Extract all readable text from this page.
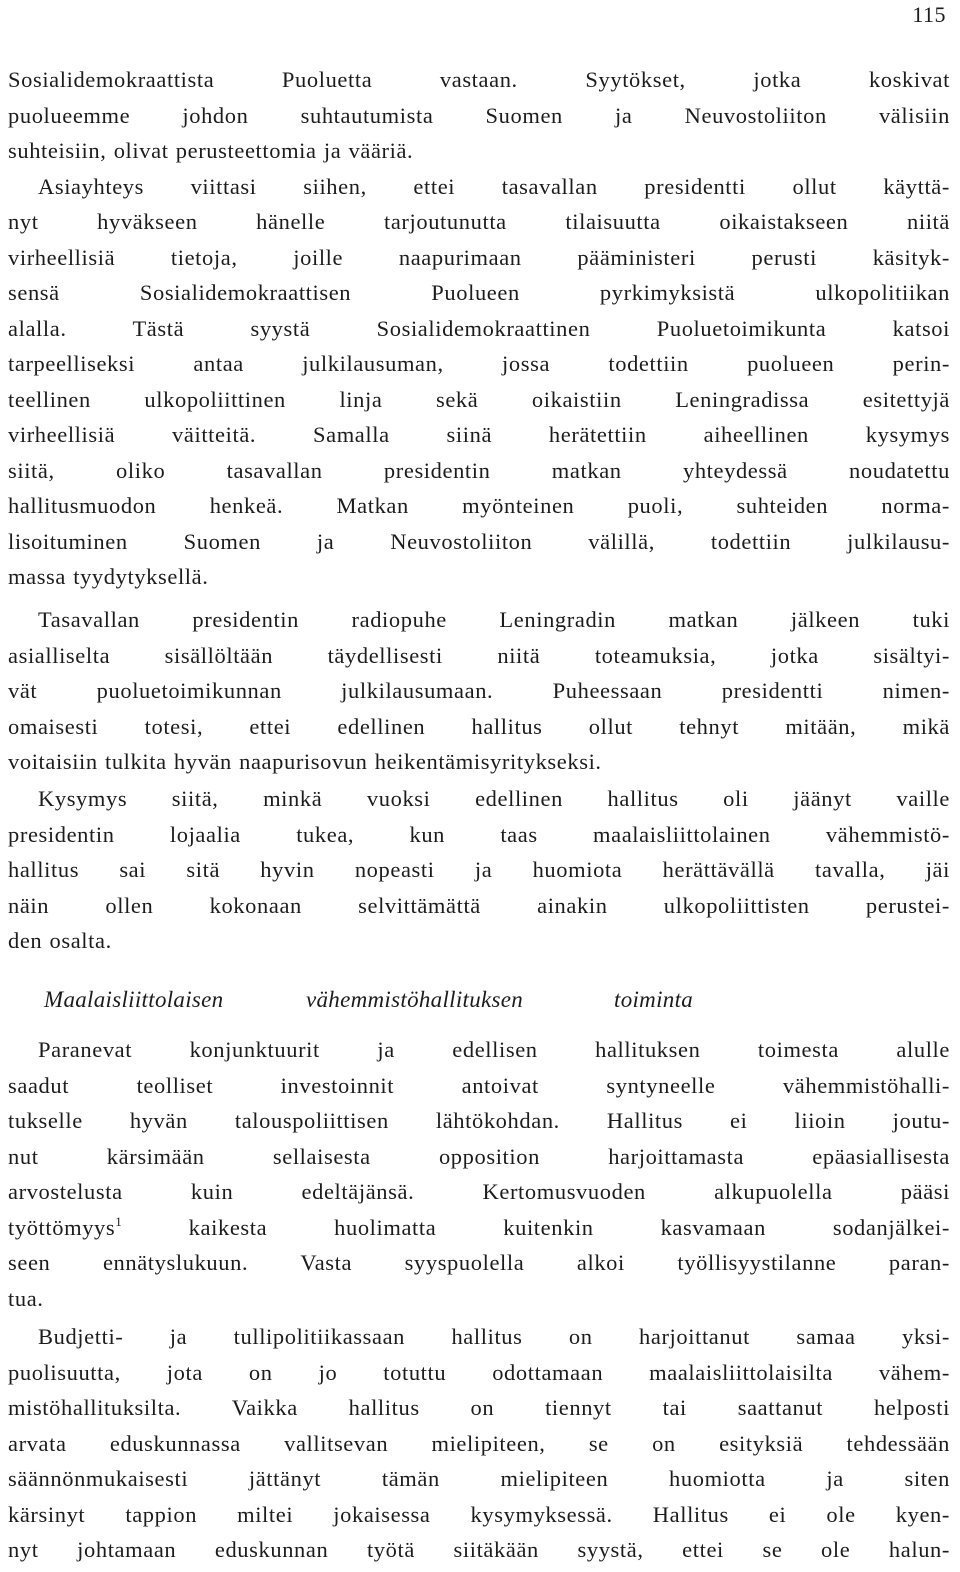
115
Sosialidemokraattista Puoluetta vastaan. Syytökset, jotka koskivat
puolueemme johdon suhtautumista Suomen ja Neuvostoliiton välisiin
suhteisiin, olivat perusteettomia ja vääriä.
Asiayhteys viittasi siihen, ettei tasavallan presidentti ollut käyttä-
nyt hyväkseen hänelle tarjoutunutta tilaisuutta oikaistakseen niitä
virheellisiä tietoja, joille naapurimaan pääministeri perusti käsityk-
sensä Sosialidemokraattisen Puolueen pyrkimyksistä ulkopolitiikan
alalla. Tästä syystä Sosialidemokraattinen Puoluetoimikunta katsoi
tarpeelliseksi antaa julkilausuman, jossa todettiin puolueen perin-
teellinen ulkopoliittinen linja sekä oikaistiin Leningradissa esitettyjä
virheellisiä väitteitä. Samalla siinä herätettiin aiheellinen kysymys
siitä, oliko tasavallan presidentin matkan yhteydessä noudatettu
hallitusmuodon henkeä. Matkan myönteinen puoli, suhteiden norma-
lisoituminen Suomen ja Neuvostoliiton välillä, todettiin julkilausu-
massa tyydytyksellä.
Tasavallan presidentin radiopuhe Leningradin matkan jälkeen tuki
asialliselta sisällöltään täydellisesti niitä toteamuksia, jotka sisältyi-
vät puoluetoimikunnan julkilausumaan. Puheessaan presidentti nimen-
omaisesti totesi, ettei edellinen hallitus ollut tehnyt mitään, mikä
voitaisiin tulkita hyvän naapurisovun heikentämisyritykseksi.
Kysymys siitä, minkä vuoksi edellinen hallitus oli jäänyt vaille
presidentin lojaalia tukea, kun taas maalaisliittolainen vähemmistö-
hallitus sai sitä hyvin nopeasti ja huomiota herättävällä tavalla, jäi
näin ollen kokonaan selvittämättä ainakin ulkopoliittisten perustei-
den osalta.
Maalaisliittolaisen	vähemmistöhallituksen	toiminta
Paranevat konjunktuurit ja edellisen hallituksen toimesta alulle
saadut teolliset investoinnit antoivat syntyneelle vähemmistöhalli-
tukselle hyvän talouspoliittisen lähtökohdan. Hallitus ei liioin joutu-
nut kärsimään sellaisesta opposition harjoittamasta epäasiallisesta
arvostelusta kuin edeltäjänsä. Kertomusvuoden alkupuolella pääsi
työttömyys$^1$ kaikesta huolimatta kuitenkin kasvamaan sodanjälkei-
seen ennätyslukuun. Vasta syyspuolella alkoi työllisyystilanne paran-
tua.
Budjetti- ja tullipolitiikassaan hallitus on harjoittanut samaa yksi-
puolisuutta, jota on jo totuttu odottamaan maalaisliittolaisilta vähem-
mistöhallituksilta. Vaikka hallitus on tiennyt tai saattanut helposti
arvata eduskunnassa vallitsevan mielipiteen, se on esityksiä tehdessään
säännönmukaisesti jättänyt tämän mielipiteen huomiotta ja siten
kärsinyt tappion miltei jokaisessa kysymyksessä. Hallitus ei ole kyen-
nyt johtamaan eduskunnan työtä siitäkään syystä, ettei se ole halun-
